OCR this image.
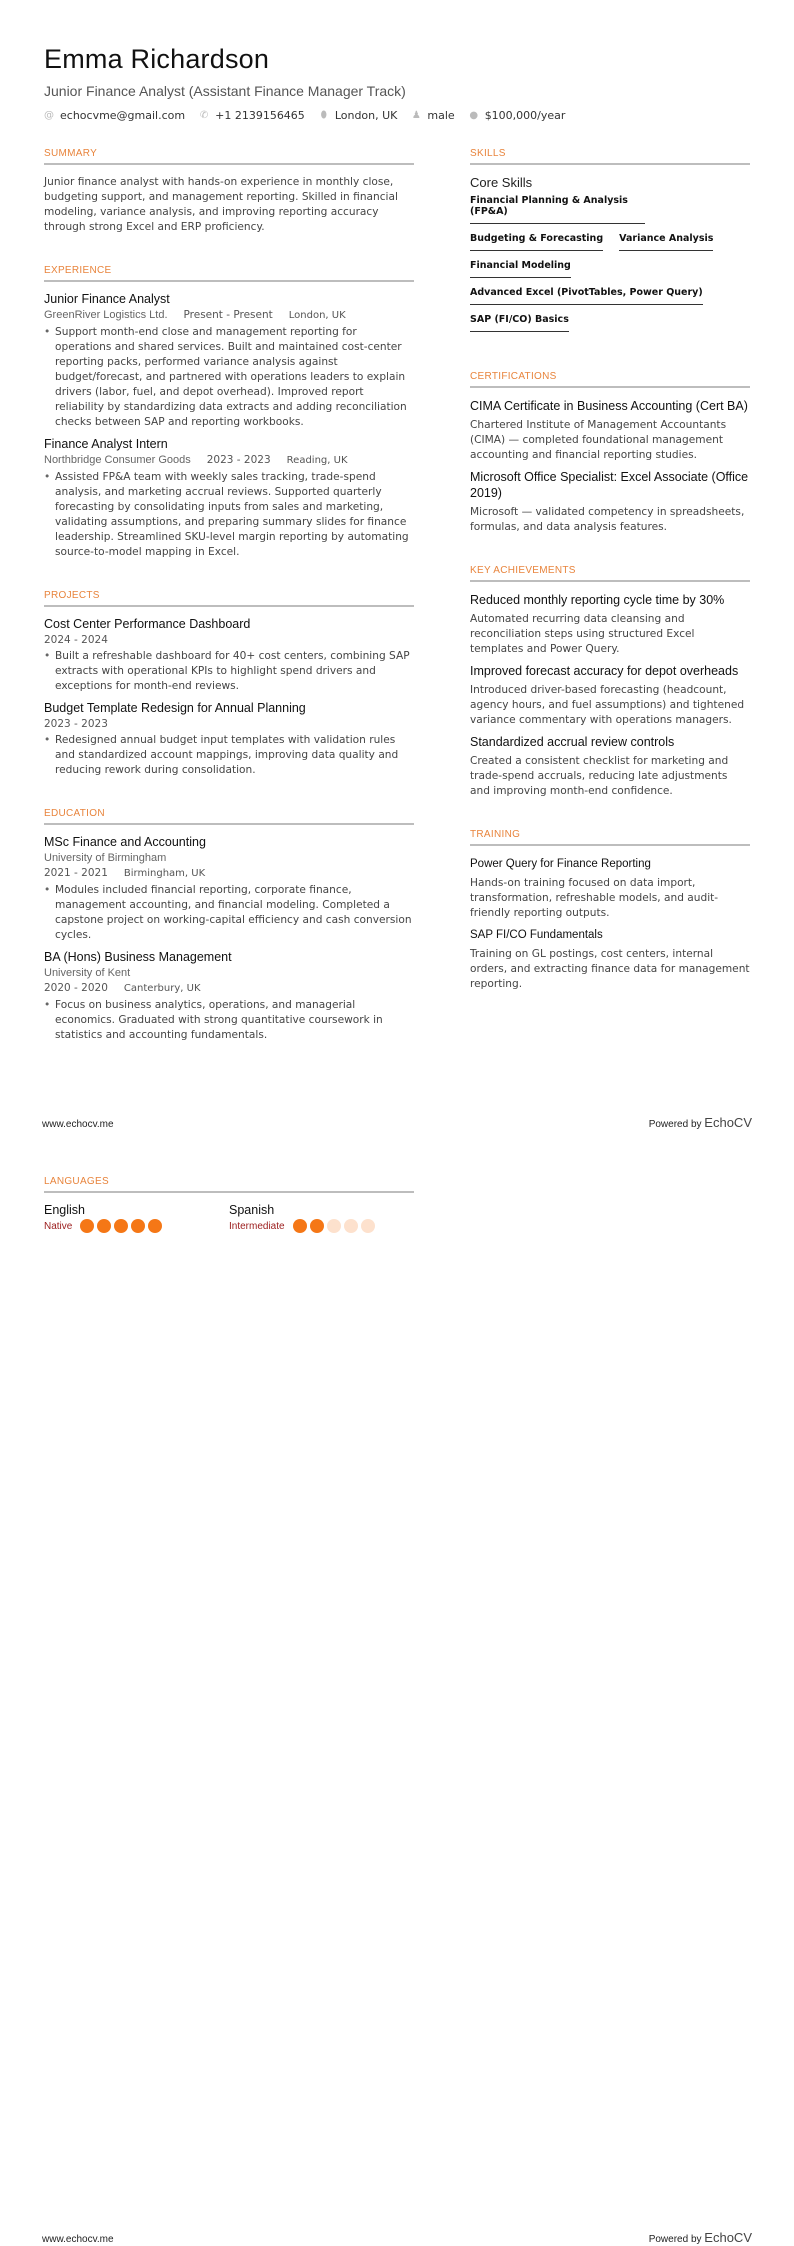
Emma Richardson
Junior Finance Analyst (Assistant Finance Manager Track)
@ echocvme@gmail.com ✆ +1 2139156465 ⬮ London, UK ♟ male ● $100,000/year
SUMMARY
Junior finance analyst with hands-on experience in monthly close, budgeting support, and management reporting. Skilled in financial modeling, variance analysis, and improving reporting accuracy through strong Excel and ERP proficiency.
EXPERIENCE
Junior Finance Analyst
GreenRiver Logistics Ltd. Present - Present London, UK
• Support month-end close and management reporting for operations and shared services. Built and maintained cost-center reporting packs, performed variance analysis against budget/forecast, and partnered with operations leaders to explain drivers (labor, fuel, and depot overhead). Improved report reliability by standardizing data extracts and adding reconciliation checks between SAP and reporting workbooks.
Finance Analyst Intern
Northbridge Consumer Goods 2023 - 2023 Reading, UK
• Assisted FP&A team with weekly sales tracking, trade-spend analysis, and marketing accrual reviews. Supported quarterly forecasting by consolidating inputs from sales and marketing, validating assumptions, and preparing summary slides for finance leadership. Streamlined SKU-level margin reporting by automating source-to-model mapping in Excel.
PROJECTS
Cost Center Performance Dashboard
2024 - 2024
• Built a refreshable dashboard for 40+ cost centers, combining SAP extracts with operational KPIs to highlight spend drivers and exceptions for month-end reviews.
Budget Template Redesign for Annual Planning
2023 - 2023
• Redesigned annual budget input templates with validation rules and standardized account mappings, improving data quality and reducing rework during consolidation.
EDUCATION
MSc Finance and Accounting
University of Birmingham
2021 - 2021 Birmingham, UK
• Modules included financial reporting, corporate finance, management accounting, and financial modeling. Completed a capstone project on working-capital efficiency and cash conversion cycles.
BA (Hons) Business Management
University of Kent
2020 - 2020 Canterbury, UK
• Focus on business analytics, operations, and managerial economics. Graduated with strong quantitative coursework in statistics and accounting fundamentals.
SKILLS
Core Skills
Financial Planning & Analysis (FP&A)
Budgeting & Forecasting Variance Analysis
Financial Modeling
Advanced Excel (PivotTables, Power Query)
SAP (FI/CO) Basics
CERTIFICATIONS
CIMA Certificate in Business Accounting (Cert BA)
Chartered Institute of Management Accountants (CIMA) — completed foundational management accounting and financial reporting studies.
Microsoft Office Specialist: Excel Associate (Office 2019)
Microsoft — validated competency in spreadsheets, formulas, and data analysis features.
KEY ACHIEVEMENTS
Reduced monthly reporting cycle time by 30%
Automated recurring data cleansing and reconciliation steps using structured Excel templates and Power Query.
Improved forecast accuracy for depot overheads
Introduced driver-based forecasting (headcount, agency hours, and fuel assumptions) and tightened variance commentary with operations managers.
Standardized accrual review controls
Created a consistent checklist for marketing and trade-spend accruals, reducing late adjustments and improving month-end confidence.
TRAINING
Power Query for Finance Reporting
Hands-on training focused on data import, transformation, refreshable models, and audit-friendly reporting outputs.
SAP FI/CO Fundamentals
Training on GL postings, cost centers, internal orders, and extracting finance data for management reporting.
www.echocv.me	Powered by EchoCV
LANGUAGES
English
Native
Spanish
Intermediate
www.echocv.me	Powered by EchoCV
